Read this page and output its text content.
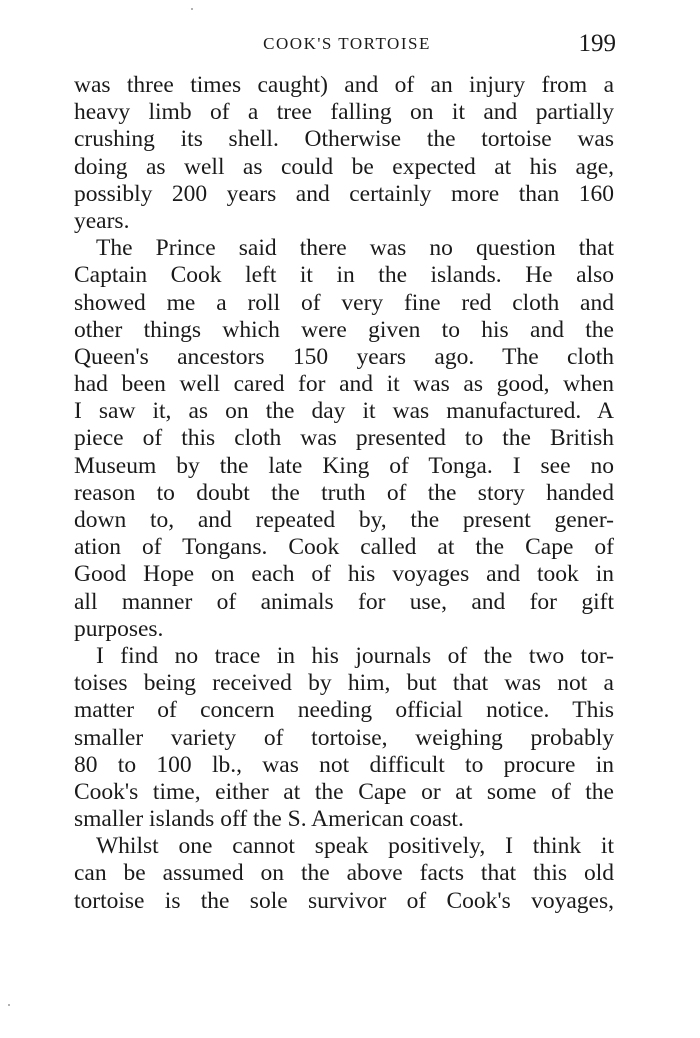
COOK'S TORTOISE	199
was three times caught) and of an injury from a
heavy limb of a tree falling on it and partially
crushing its shell. Otherwise the tortoise was
doing as well as could be expected at his age,
possibly 200 years and certainly more than 160
years.
The Prince said there was no question that
Captain Cook left it in the islands. He also
showed me a roll of very fine red cloth and
other things which were given to his and the
Queen's ancestors 150 years ago. The cloth
had been well cared for and it was as good, when
I saw it, as on the day it was manufactured. A
piece of this cloth was presented to the British
Museum by the late King of Tonga. I see no
reason to doubt the truth of the story handed
down to, and repeated by, the present gener-
ation of Tongans. Cook called at the Cape of
Good Hope on each of his voyages and took in
all manner of animals for use, and for gift
purposes.
I find no trace in his journals of the two tor-
toises being received by him, but that was not a
matter of concern needing official notice. This
smaller variety of tortoise, weighing probably
80 to 100 lb., was not difficult to procure in
Cook's time, either at the Cape or at some of the
smaller islands off the S. American coast.
Whilst one cannot speak positively, I think it
can be assumed on the above facts that this old
tortoise is the sole survivor of Cook's voyages,
